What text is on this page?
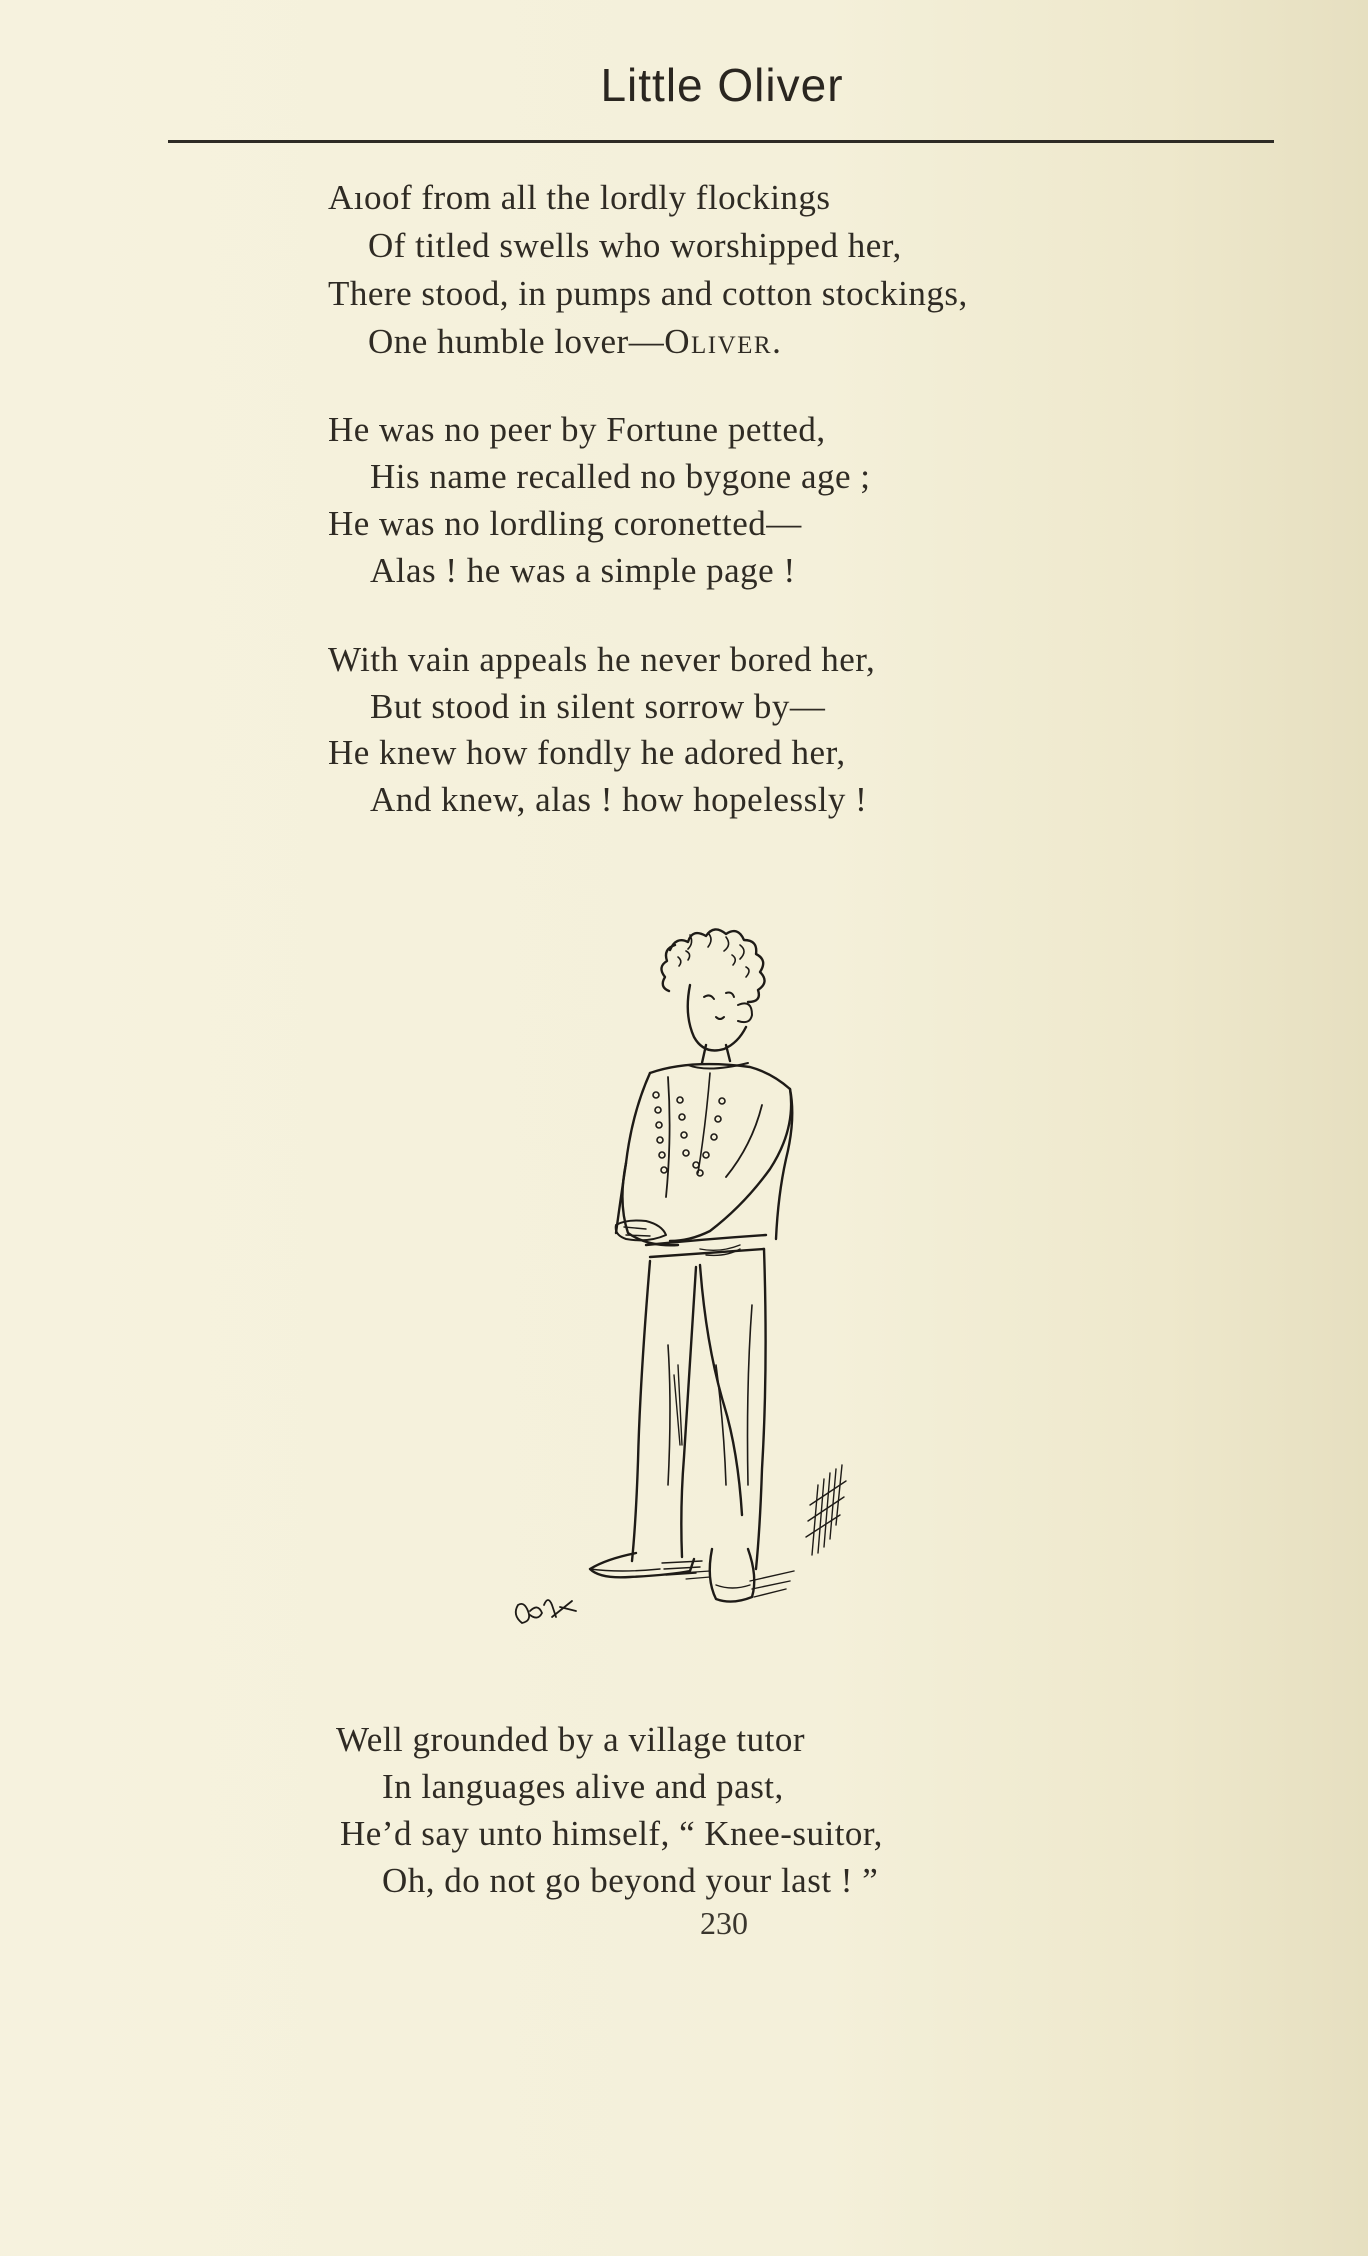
Little Oliver
Aıoof from all the lordly flockings
Of titled swells who worshipped her,
There stood, in pumps and cotton stockings,
One humble lover—Oliver.
He was no peer by Fortune petted,
His name recalled no bygone age ;
He was no lordling coronetted—
Alas ! he was a simple page !
With vain appeals he never bored her,
But stood in silent sorrow by—
He knew how fondly he adored her,
And knew, alas ! how hopelessly !
Well grounded by a village tutor
In languages alive and past,
He’d say unto himself, “ Knee-suitor,
Oh, do not go beyond your last ! ”
230
